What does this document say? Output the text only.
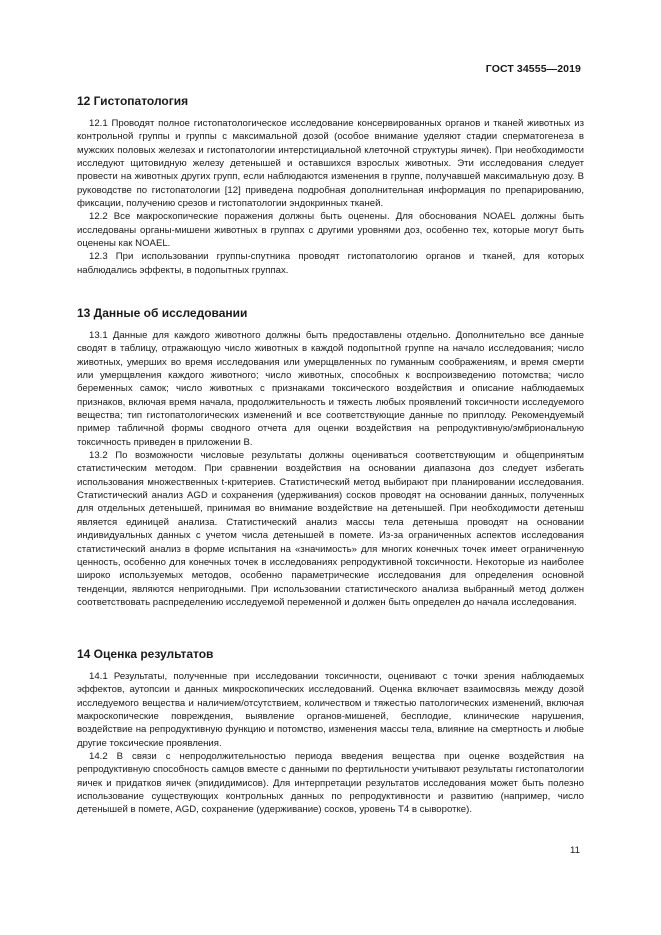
ГОСТ 34555—2019
12 Гистопатология

12.1 Проводят полное гистопатологическое исследование консервированных органов и тканей животных из контрольной группы и группы с максимальной дозой (особое внимание уделяют стадии сперматогенеза в мужских половых железах и гистопатологии интерстициальной клеточной структуры яичек). При необходимости исследуют щитовидную железу детенышей и оставшихся взрослых животных. Эти исследования следует провести на животных других групп, если наблюдаются изменения в группе, получавшей максимальную дозу. В руководстве по гистопатологии [12] приведена подробная дополнительная информация по препарированию, фиксации, получению срезов и гистопатологии эндокринных тканей.

12.2 Все макроскопические поражения должны быть оценены. Для обоснования NOAEL должны быть исследованы органы-мишени животных в группах с другими уровнями доз, особенно тех, которые могут быть оценены как NOAEL.

12.3 При использовании группы-спутника проводят гистопатологию органов и тканей, для которых наблюдались эффекты, в подопытных группах.

13 Данные об исследовании

13.1 Данные для каждого животного должны быть предоставлены отдельно. Дополнительно все данные сводят в таблицу, отражающую число животных в каждой подопытной группе на начало исследования; число животных, умерших во время исследования или умерщвленных по гуманным соображениям, и время смерти или умерщвления каждого животного; число животных, способных к воспроизведению потомства; число беременных самок; число животных с признаками токсического воздействия и описание наблюдаемых признаков, включая время начала, продолжительность и тяжесть любых проявлений токсичности исследуемого вещества; тип гистопатологических изменений и все соответствующие данные по приплоду. Рекомендуемый пример табличной формы сводного отчета для оценки воздействия на репродуктивную/эмбриональную токсичность приведен в приложении В.

13.2 По возможности числовые результаты должны оцениваться соответствующим и общепринятым статистическим методом. При сравнении воздействия на основании диапазона доз следует избегать использования множественных t-критериев. Статистический метод выбирают при планировании исследования. Статистический анализ AGD и сохранения (удерживания) сосков проводят на основании данных, полученных для отдельных детенышей, принимая во внимание воздействие на детенышей. При необходимости детеныш является единицей анализа. Статистический анализ массы тела детеныша проводят на основании индивидуальных данных с учетом числа детенышей в помете. Из-за ограниченных аспектов исследования статистический анализ в форме испытания на «значимость» для многих конечных точек имеет ограниченную ценность, особенно для конечных точек в исследованиях репродуктивной токсичности. Некоторые из наиболее широко используемых методов, особенно параметрические исследования для определения основной тенденции, являются непригодными. При использовании статистического анализа выбранный метод должен соответствовать распределению исследуемой переменной и должен быть определен до начала исследования.

14 Оценка результатов

14.1 Результаты, полученные при исследовании токсичности, оценивают с точки зрения наблюдаемых эффектов, аутопсии и данных микроскопических исследований. Оценка включает взаимосвязь между дозой исследуемого вещества и наличием/отсутствием, количеством и тяжестью патологических изменений, включая макроскопические повреждения, выявление органов-мишеней, бесплодие, клинические нарушения, воздействие на репродуктивную функцию и потомство, изменения массы тела, влияние на смертность и любые другие токсические проявления.

14.2 В связи с непродолжительностью периода введения вещества при оценке воздействия на репродуктивную способность самцов вместе с данными по фертильности учитывают результаты гистопатологии яичек и придатков яичек (эпидидимисов). Для интерпретации результатов исследования может быть полезно использование существующих контрольных данных по репродуктивности и развитию (например, число детенышей в помете, AGD, сохранение (удерживание) сосков, уровень Т4 в сыворотке).

11
